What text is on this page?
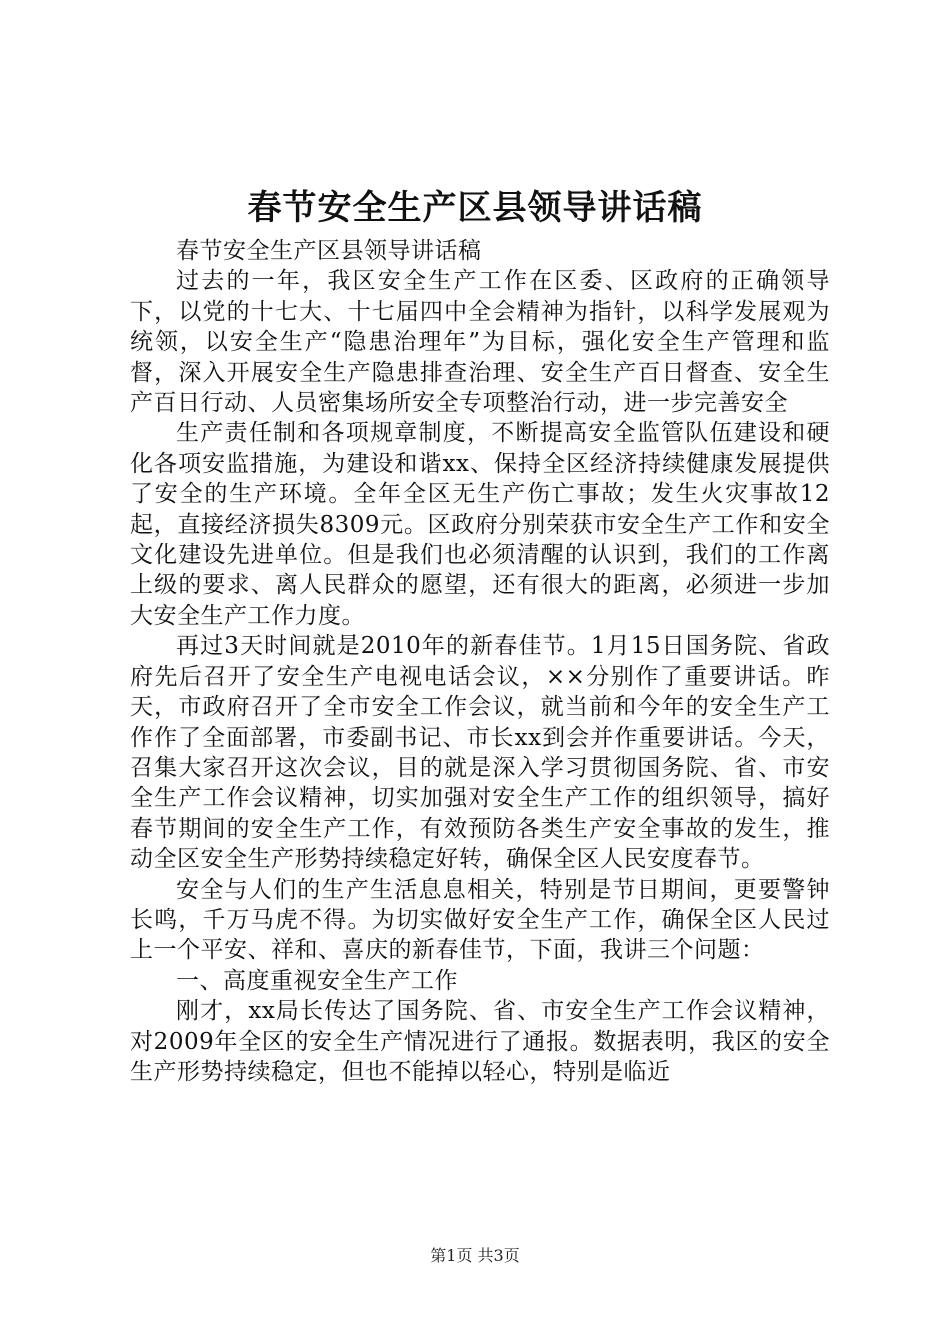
春节安全生产区县领导讲话稿

春节安全生产区县领导讲话稿

过去的一年，我区安全生产工作在区委、区政府的正确领导下，以党的十七大、十七届四中全会精神为指针，以科学发展观为统领，以安全生产“隐患治理年”为目标，强化安全生产管理和监督，深入开展安全生产隐患排查治理、安全生产百日督查、安全生产百日行动、人员密集场所安全专项整治行动，进一步完善安全

生产责任制和各项规章制度，不断提高安全监管队伍建设和硬化各项安监措施，为建设和谐xx、保持全区经济持续健康发展提供了安全的生产环境。全年全区无生产伤亡事故；发生火灾事故12起，直接经济损失8309元。区政府分别荣获市安全生产工作和安全文化建设先进单位。但是我们也必须清醒的认识到，我们的工作离上级的要求、离人民群众的愿望，还有很大的距离，必须进一步加大安全生产工作力度。

再过3天时间就是2010年的新春佳节。1月15日国务院、省政府先后召开了安全生产电视电话会议，××分别作了重要讲话。昨天，市政府召开了全市安全工作会议，就当前和今年的安全生产工作作了全面部署，市委副书记、市长xx到会并作重要讲话。今天，召集大家召开这次会议，目的就是深入学习贯彻国务院、省、市安全生产工作会议精神，切实加强对安全生产工作的组织领导，搞好春节期间的安全生产工作，有效预防各类生产安全事故的发生，推动全区安全生产形势持续稳定好转，确保全区人民安度春节。

安全与人们的生产生活息息相关，特别是节日期间，更要警钟长鸣，千万马虎不得。为切实做好安全生产工作，确保全区人民过上一个平安、祥和、喜庆的新春佳节，下面，我讲三个问题：

一、高度重视安全生产工作

刚才，xx局长传达了国务院、省、市安全生产工作会议精神，对2009年全区的安全生产情况进行了通报。数据表明，我区的安全生产形势持续稳定，但也不能掉以轻心，特别是临近

第1页 共3页
